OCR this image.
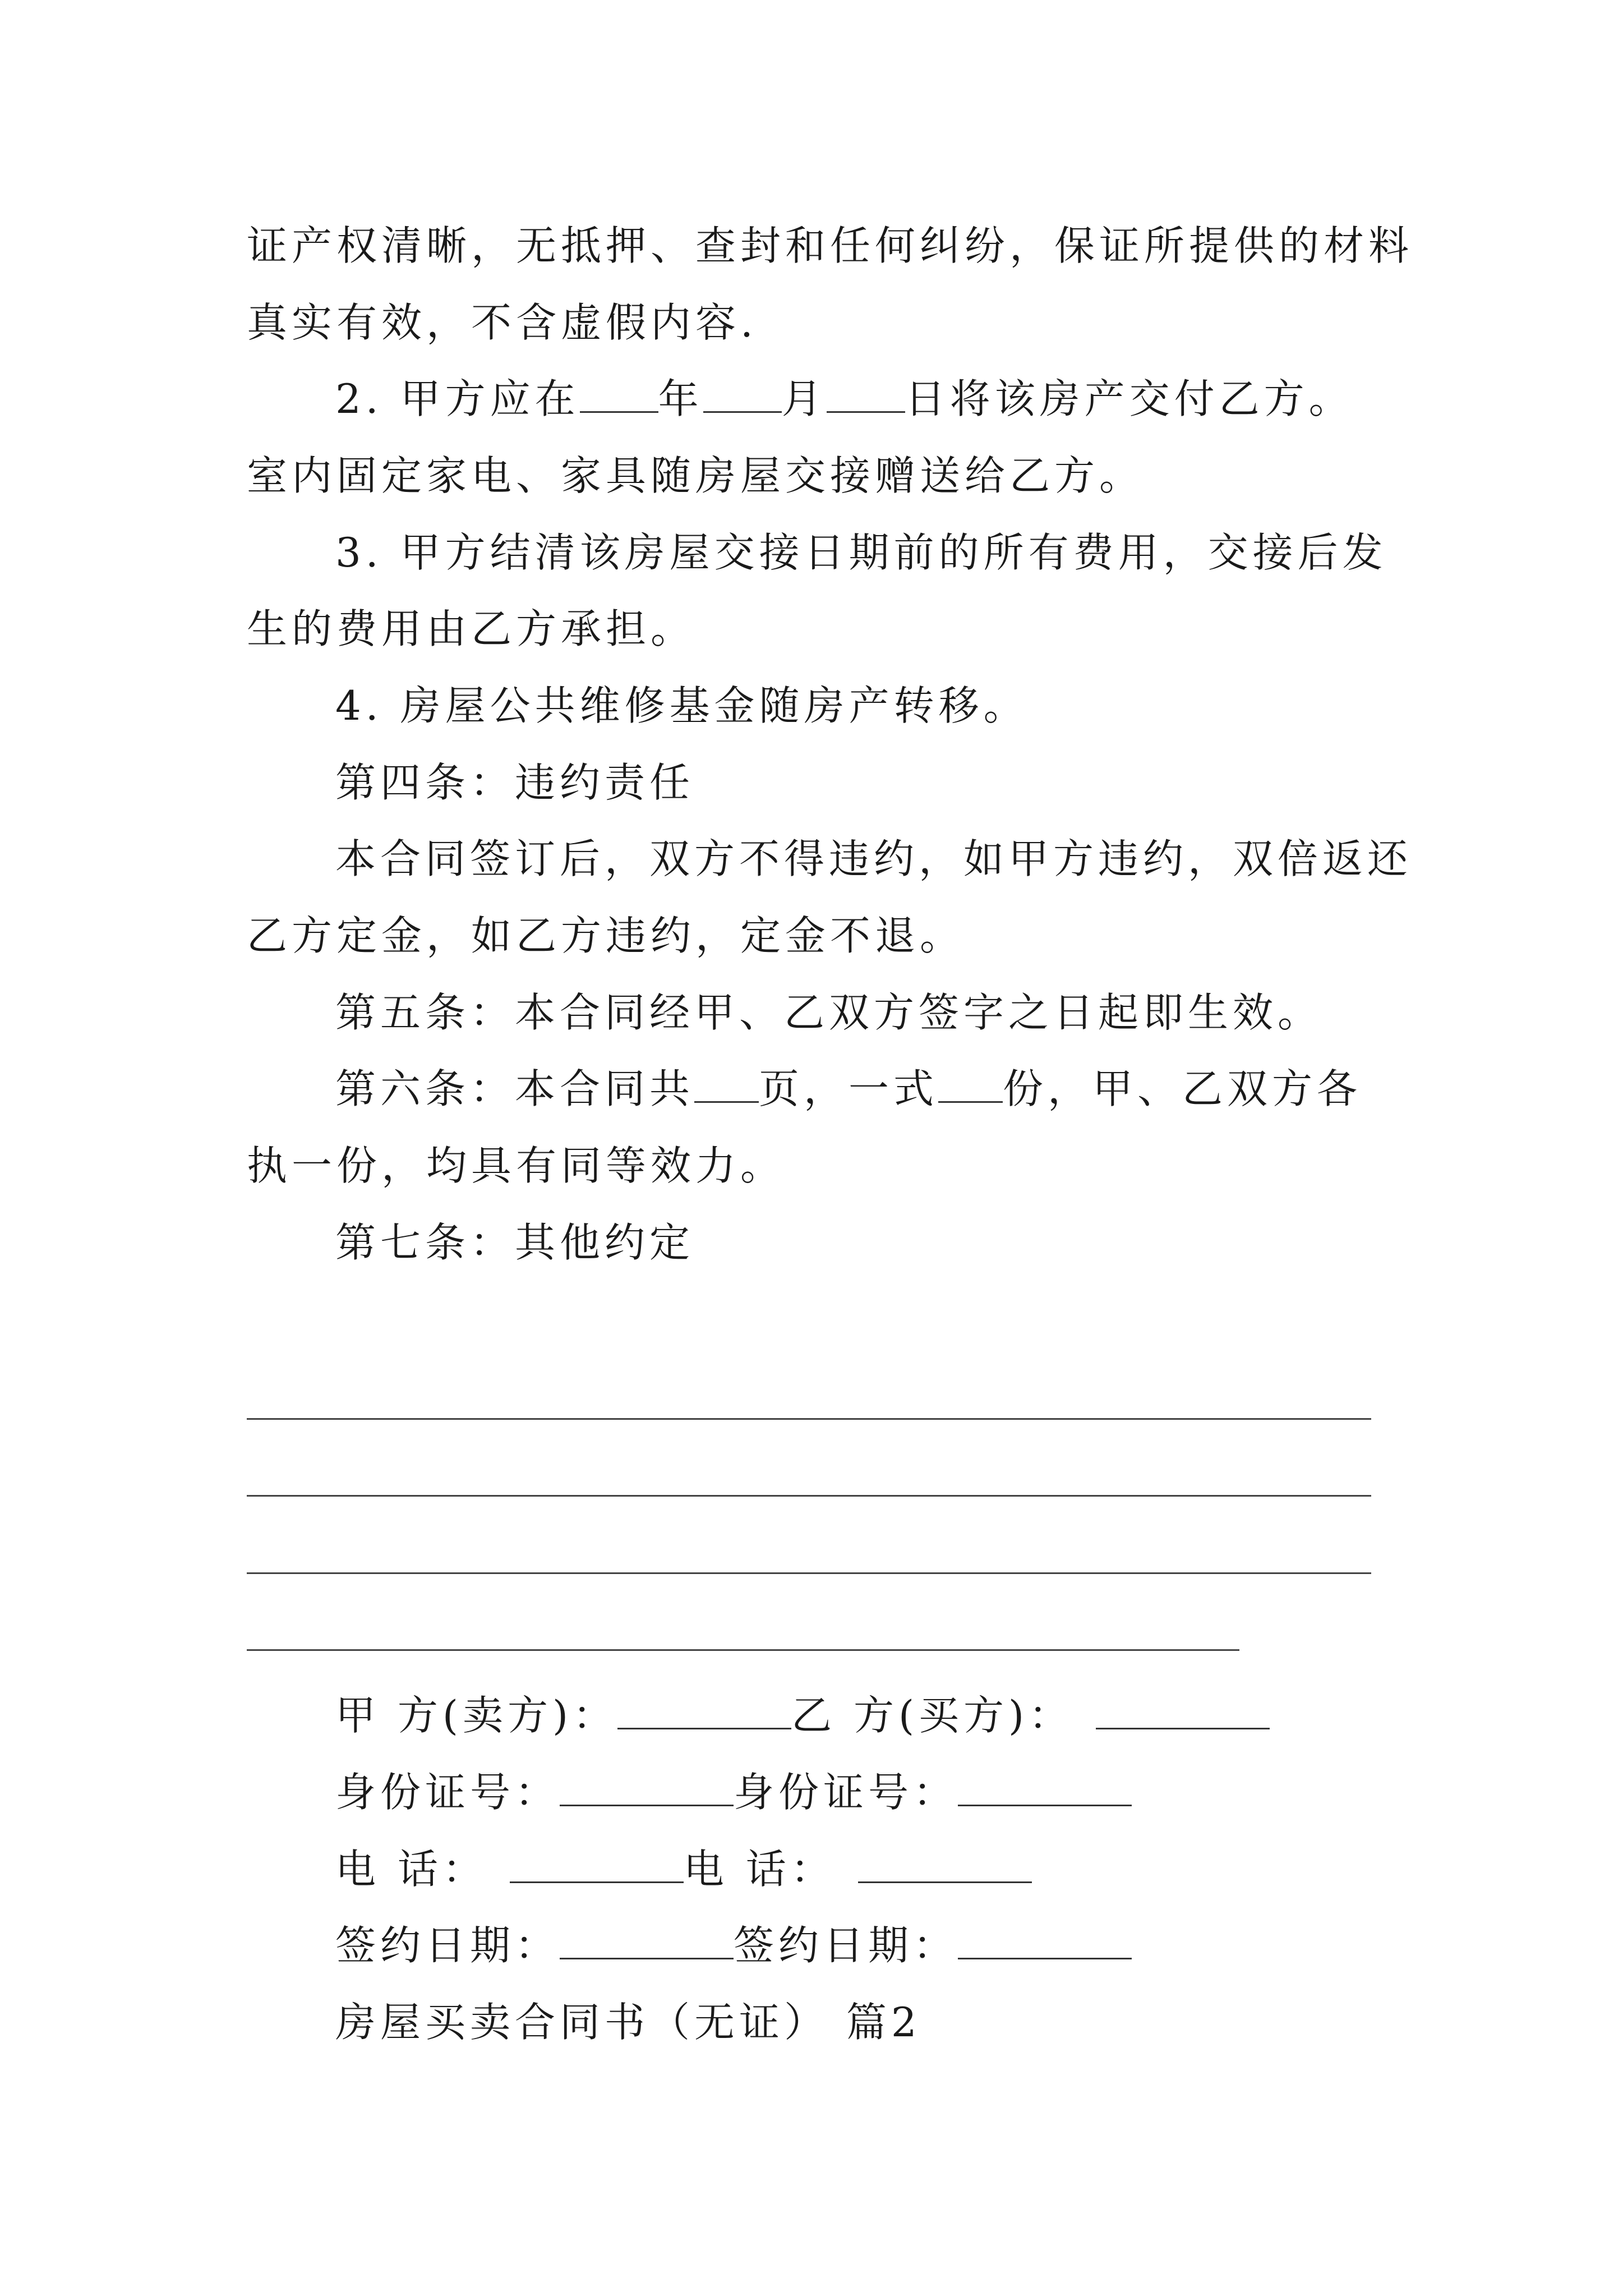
证产权清晰，无抵押、查封和任何纠纷，保证所提供的材料
真实有效，不含虚假内容.
2. 甲方应在 年 月 日将该房产交付乙方。
室内固定家电、家具随房屋交接赠送给乙方。
3. 甲方结清该房屋交接日期前的所有费用，交接后发
生的费用由乙方承担。
4. 房屋公共维修基金随房产转移。
第四条：违约责任
本合同签订后，双方不得违约，如甲方违约，双倍返还
乙方定金，如乙方违约，定金不退。
第五条：本合同经甲、乙双方签字之日起即生效。
第六条：本合同共 页，一式 份，甲、乙双方各
执一份，均具有同等效力。
第七条：其他约定
甲 方(卖方)：	乙 方(买方)：
身份证号：	身份证号：
电 话：	电 话：
签约日期：	签约日期：
房屋买卖合同书（无证） 篇2
